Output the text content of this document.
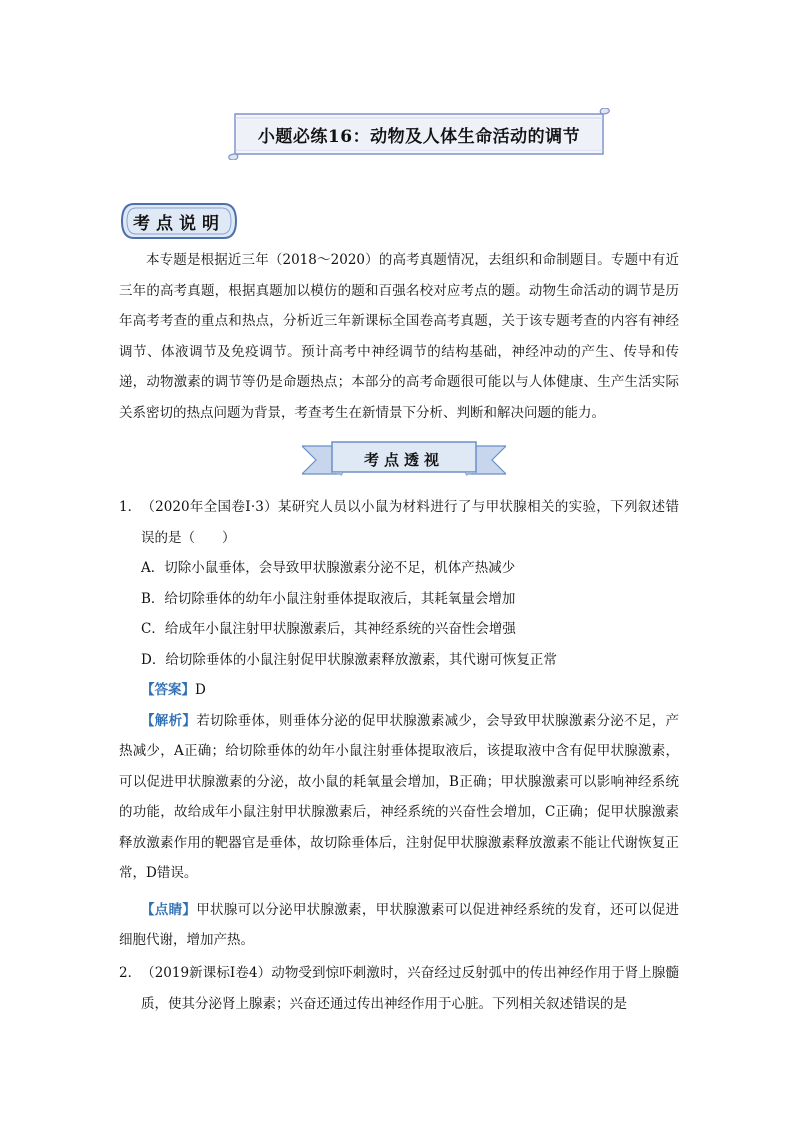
小题必练16：动物及人体生命活动的调节
考点说明
本专题是根据近三年（2018～2020）的高考真题情况，去组织和命制题目。专题中有近三年的高考真题，根据真题加以模仿的题和百强名校对应考点的题。动物生命活动的调节是历年高考考查的重点和热点，分析近三年新课标全国卷高考真题，关于该专题考查的内容有神经调节、体液调节及免疫调节。预计高考中神经调节的结构基础，神经冲动的产生、传导和传递，动物激素的调节等仍是命题热点；本部分的高考命题很可能以与人体健康、生产生活实际关系密切的热点问题为背景，考查考生在新情景下分析、判断和解决问题的能力。
考点透视
1．（2020年全国卷Ⅰ·3）某研究人员以小鼠为材料进行了与甲状腺相关的实验，下列叙述错误的是（　　）
A．切除小鼠垂体，会导致甲状腺激素分泌不足，机体产热减少
B．给切除垂体的幼年小鼠注射垂体提取液后，其耗氧量会增加
C．给成年小鼠注射甲状腺激素后，其神经系统的兴奋性会增强
D．给切除垂体的小鼠注射促甲状腺激素释放激素，其代谢可恢复正常
【答案】D
【解析】若切除垂体，则垂体分泌的促甲状腺激素减少，会导致甲状腺激素分泌不足，产热减少，A正确；给切除垂体的幼年小鼠注射垂体提取液后，该提取液中含有促甲状腺激素，可以促进甲状腺激素的分泌，故小鼠的耗氧量会增加，B正确；甲状腺激素可以影响神经系统的功能，故给成年小鼠注射甲状腺激素后，神经系统的兴奋性会增加，C正确；促甲状腺激素释放激素作用的靶器官是垂体，故切除垂体后，注射促甲状腺激素释放激素不能让代谢恢复正常，D错误。
【点睛】甲状腺可以分泌甲状腺激素，甲状腺激素可以促进神经系统的发育，还可以促进细胞代谢，增加产热。
2．（2019新课标Ⅰ卷4）动物受到惊吓刺激时，兴奋经过反射弧中的传出神经作用于肾上腺髓质，使其分泌肾上腺素；兴奋还通过传出神经作用于心脏。下列相关叙述错误的是
